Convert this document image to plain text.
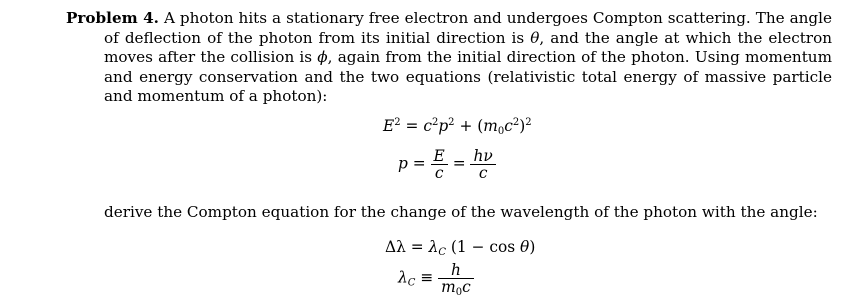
Problem 4. A photon hits a stationary free electron and undergoes Compton scattering. The angle of deflection of the photon from its initial direction is θ, and the angle at which the electron moves after the collision is ϕ, again from the initial direction of the photon. Using momentum and energy conservation and the two equations (relativistic total energy of massive particle and momentum of a photon):
$E^2 = c^2p^2 + (m_0c^2)^2$
$p = \frac{E}{c} = \frac{h\nu}{c}$
derive the Compton equation for the change of the wavelength of the photon with the angle:
$\Delta\lambda = \lambda_C$ (1 − cos θ)
$\lambda_C \equiv \frac{h}{m_0c}$
